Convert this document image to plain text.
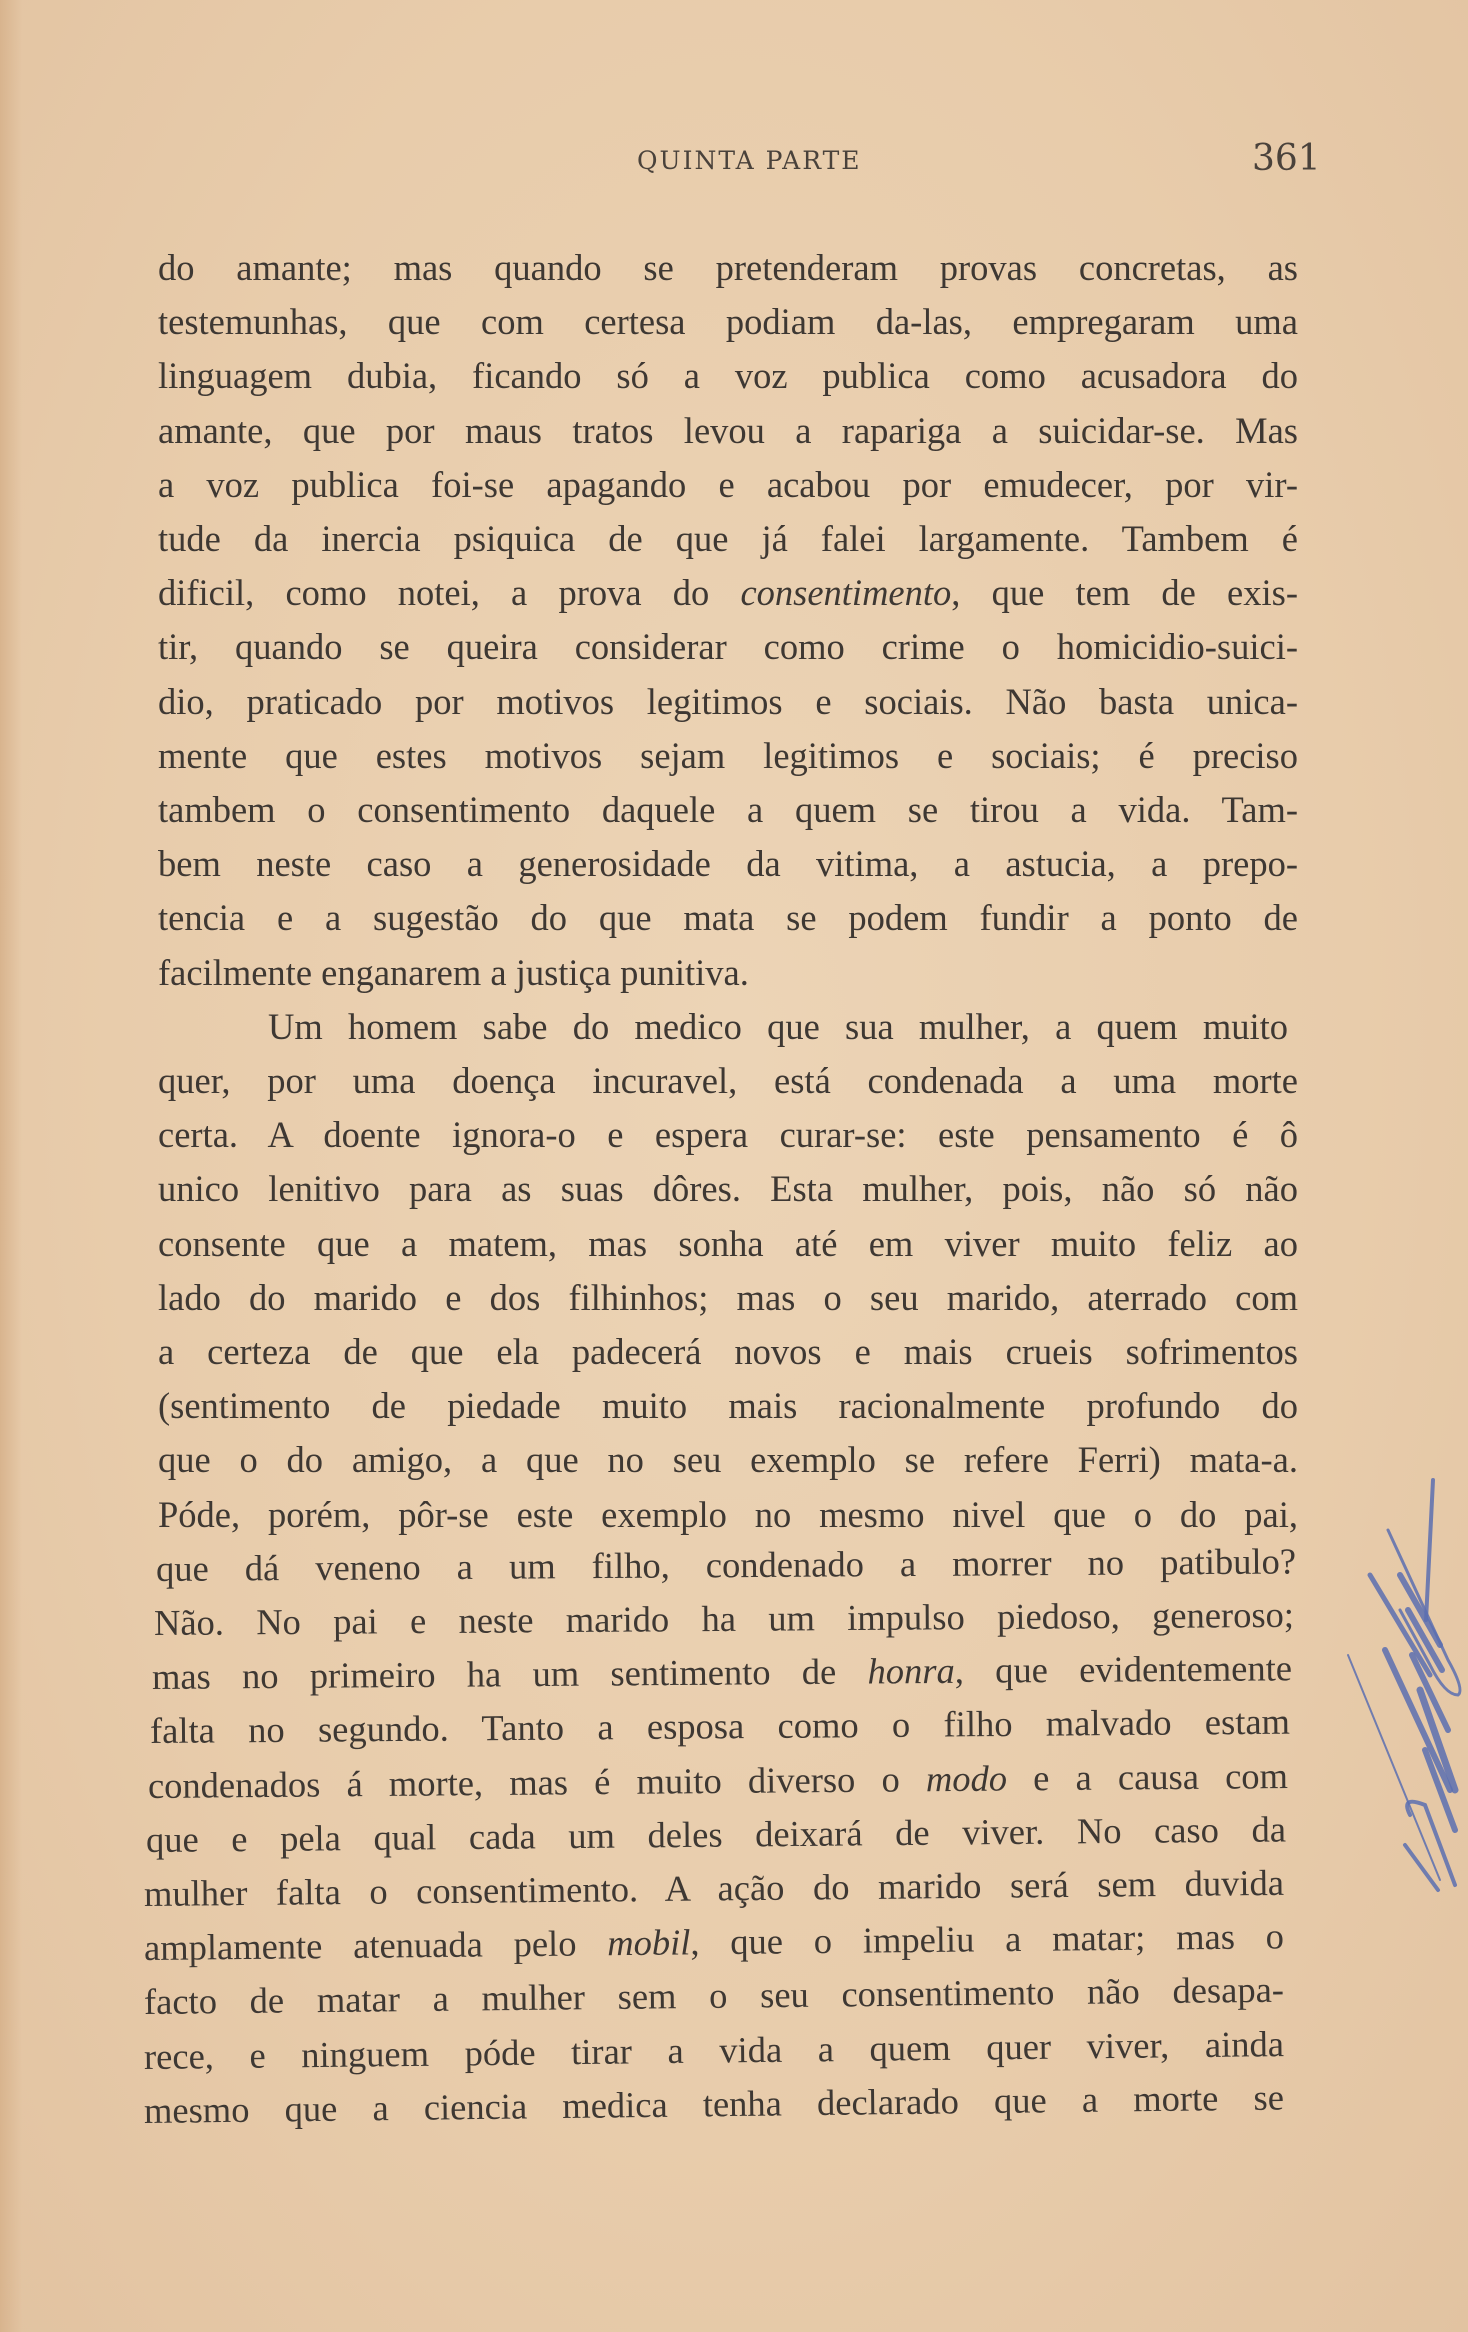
QUINTA PARTE	361
do amante; mas quando se pretenderam provas concretas, as
testemunhas, que com certesa podiam da-las, empregaram uma
linguagem dubia, ficando só a voz publica como acusadora do
amante, que por maus tratos levou a rapariga a suicidar-se. Mas
a voz publica foi-se apagando e acabou por emudecer, por vir-
tude da inercia psiquica de que já falei largamente. Tambem é
dificil, como notei, a prova do consentimento, que tem de exis-
tir, quando se queira considerar como crime o homicidio-suici-
dio, praticado por motivos legitimos e sociais. Não basta unica-
mente que estes motivos sejam legitimos e sociais; é preciso
tambem o consentimento daquele a quem se tirou a vida. Tam-
bem neste caso a generosidade da vitima, a astucia, a prepo-
tencia e a sugestão do que mata se podem fundir a ponto de
facilmente enganarem a justiça punitiva.
Um homem sabe do medico que sua mulher, a quem muito
quer, por uma doença incuravel, está condenada a uma morte
certa. A doente ignora-o e espera curar-se: este pensamento é ô
unico lenitivo para as suas dôres. Esta mulher, pois, não só não
consente que a matem, mas sonha até em viver muito feliz ao
lado do marido e dos filhinhos; mas o seu marido, aterrado com
a certeza de que ela padecerá novos e mais crueis sofrimentos
(sentimento de piedade muito mais racionalmente profundo do
que o do amigo, a que no seu exemplo se refere Ferri) mata-a.
Póde, porém, pôr-se este exemplo no mesmo nivel que o do pai,
que dá veneno a um filho, condenado a morrer no patibulo?
Não. No pai e neste marido ha um impulso piedoso, generoso;
mas no primeiro ha um sentimento de honra, que evidentemente
falta no segundo. Tanto a esposa como o filho malvado estam
condenados á morte, mas é muito diverso o modo e a causa com
que e pela qual cada um deles deixará de viver. No caso da
mulher falta o consentimento. A ação do marido será sem duvida
amplamente atenuada pelo mobil, que o impeliu a matar; mas o
facto de matar a mulher sem o seu consentimento não desapa-
rece, e ninguem póde tirar a vida a quem quer viver, ainda
mesmo que a ciencia medica tenha declarado que a morte se
